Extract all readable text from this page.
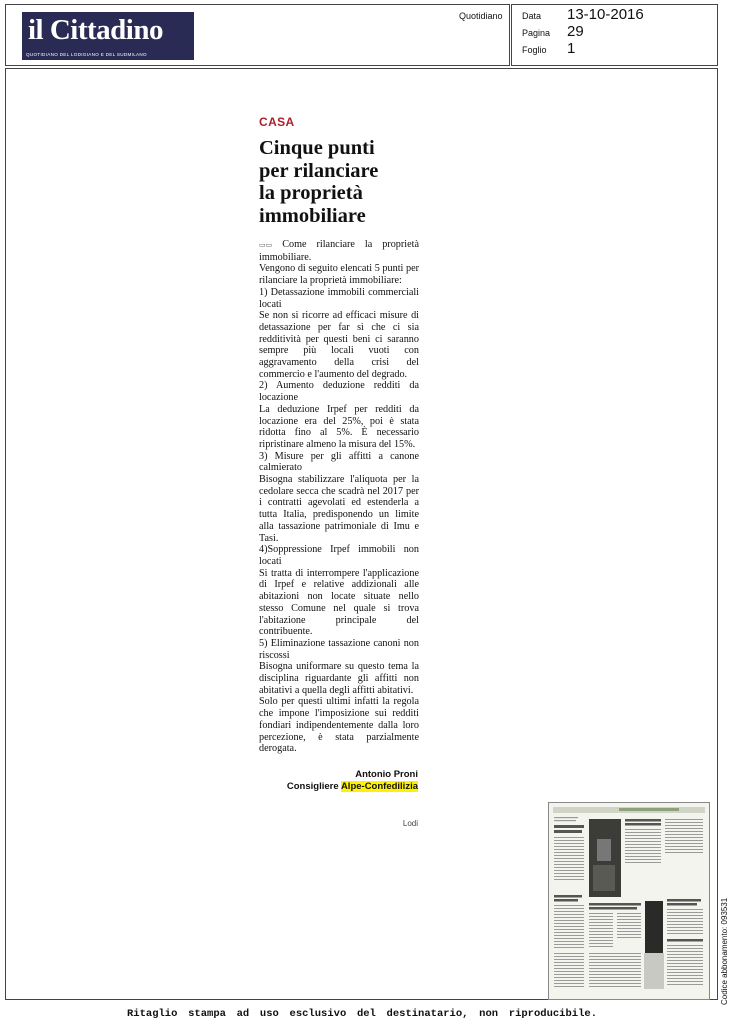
il Cittadino
QUOTIDIANO DEL LODIGIANO E DEL SUDMILANO
Quotidiano Data 13-10-2016
Pagina 29
Foglio 1
CASA
Cinque punti
per rilanciare
la proprietà
immobiliare

▭▭ Come rilanciare la proprietà immobiliare.

Vengono di seguito elencati 5 punti per rilanciare la proprietà immobiliare:

1) Detassazione immobili commerciali locati

Se non si ricorre ad efficaci misure di detassazione per far sì che ci sia redditività per questi beni ci saranno sempre più locali vuoti con aggravamento della crisi del commercio e l'aumento del degrado.

2) Aumento deduzione redditi da locazione

La deduzione Irpef per redditi da locazione era del 25%, poi è stata ridotta fino al 5%. È necessario ripristinare almeno la misura del 15%.

3) Misure per gli affitti a canone calmierato

Bisogna stabilizzare l'aliquota per la cedolare secca che scadrà nel 2017 per i contratti agevolati ed estenderla a tutta Italia, predisponendo un limite alla tassazione patrimoniale di Imu e Tasi.

4)Soppressione Irpef immobili non locati

Si tratta di interrompere l'applicazione di Irpef e relative addizionali alle abitazioni non locate situate nello stesso Comune nel quale si trova l'abitazione principale del contribuente.

5) Eliminazione tassazione canoni non riscossi

Bisogna uniformare su questo tema la disciplina riguardante gli affitti non abitativi a quella degli affitti abitativi.

Solo per questi ultimi infatti la regola che impone l'imposizione sui redditi fondiari indipendentemente dalla loro percezione, è stata parzialmente derogata.

Antonio Proni
Consigliere Alpe-Confedilizia
Lodi
Codice abbonamento: 093531
Ritaglio stampa ad uso esclusivo del destinatario, non riproducibile.
